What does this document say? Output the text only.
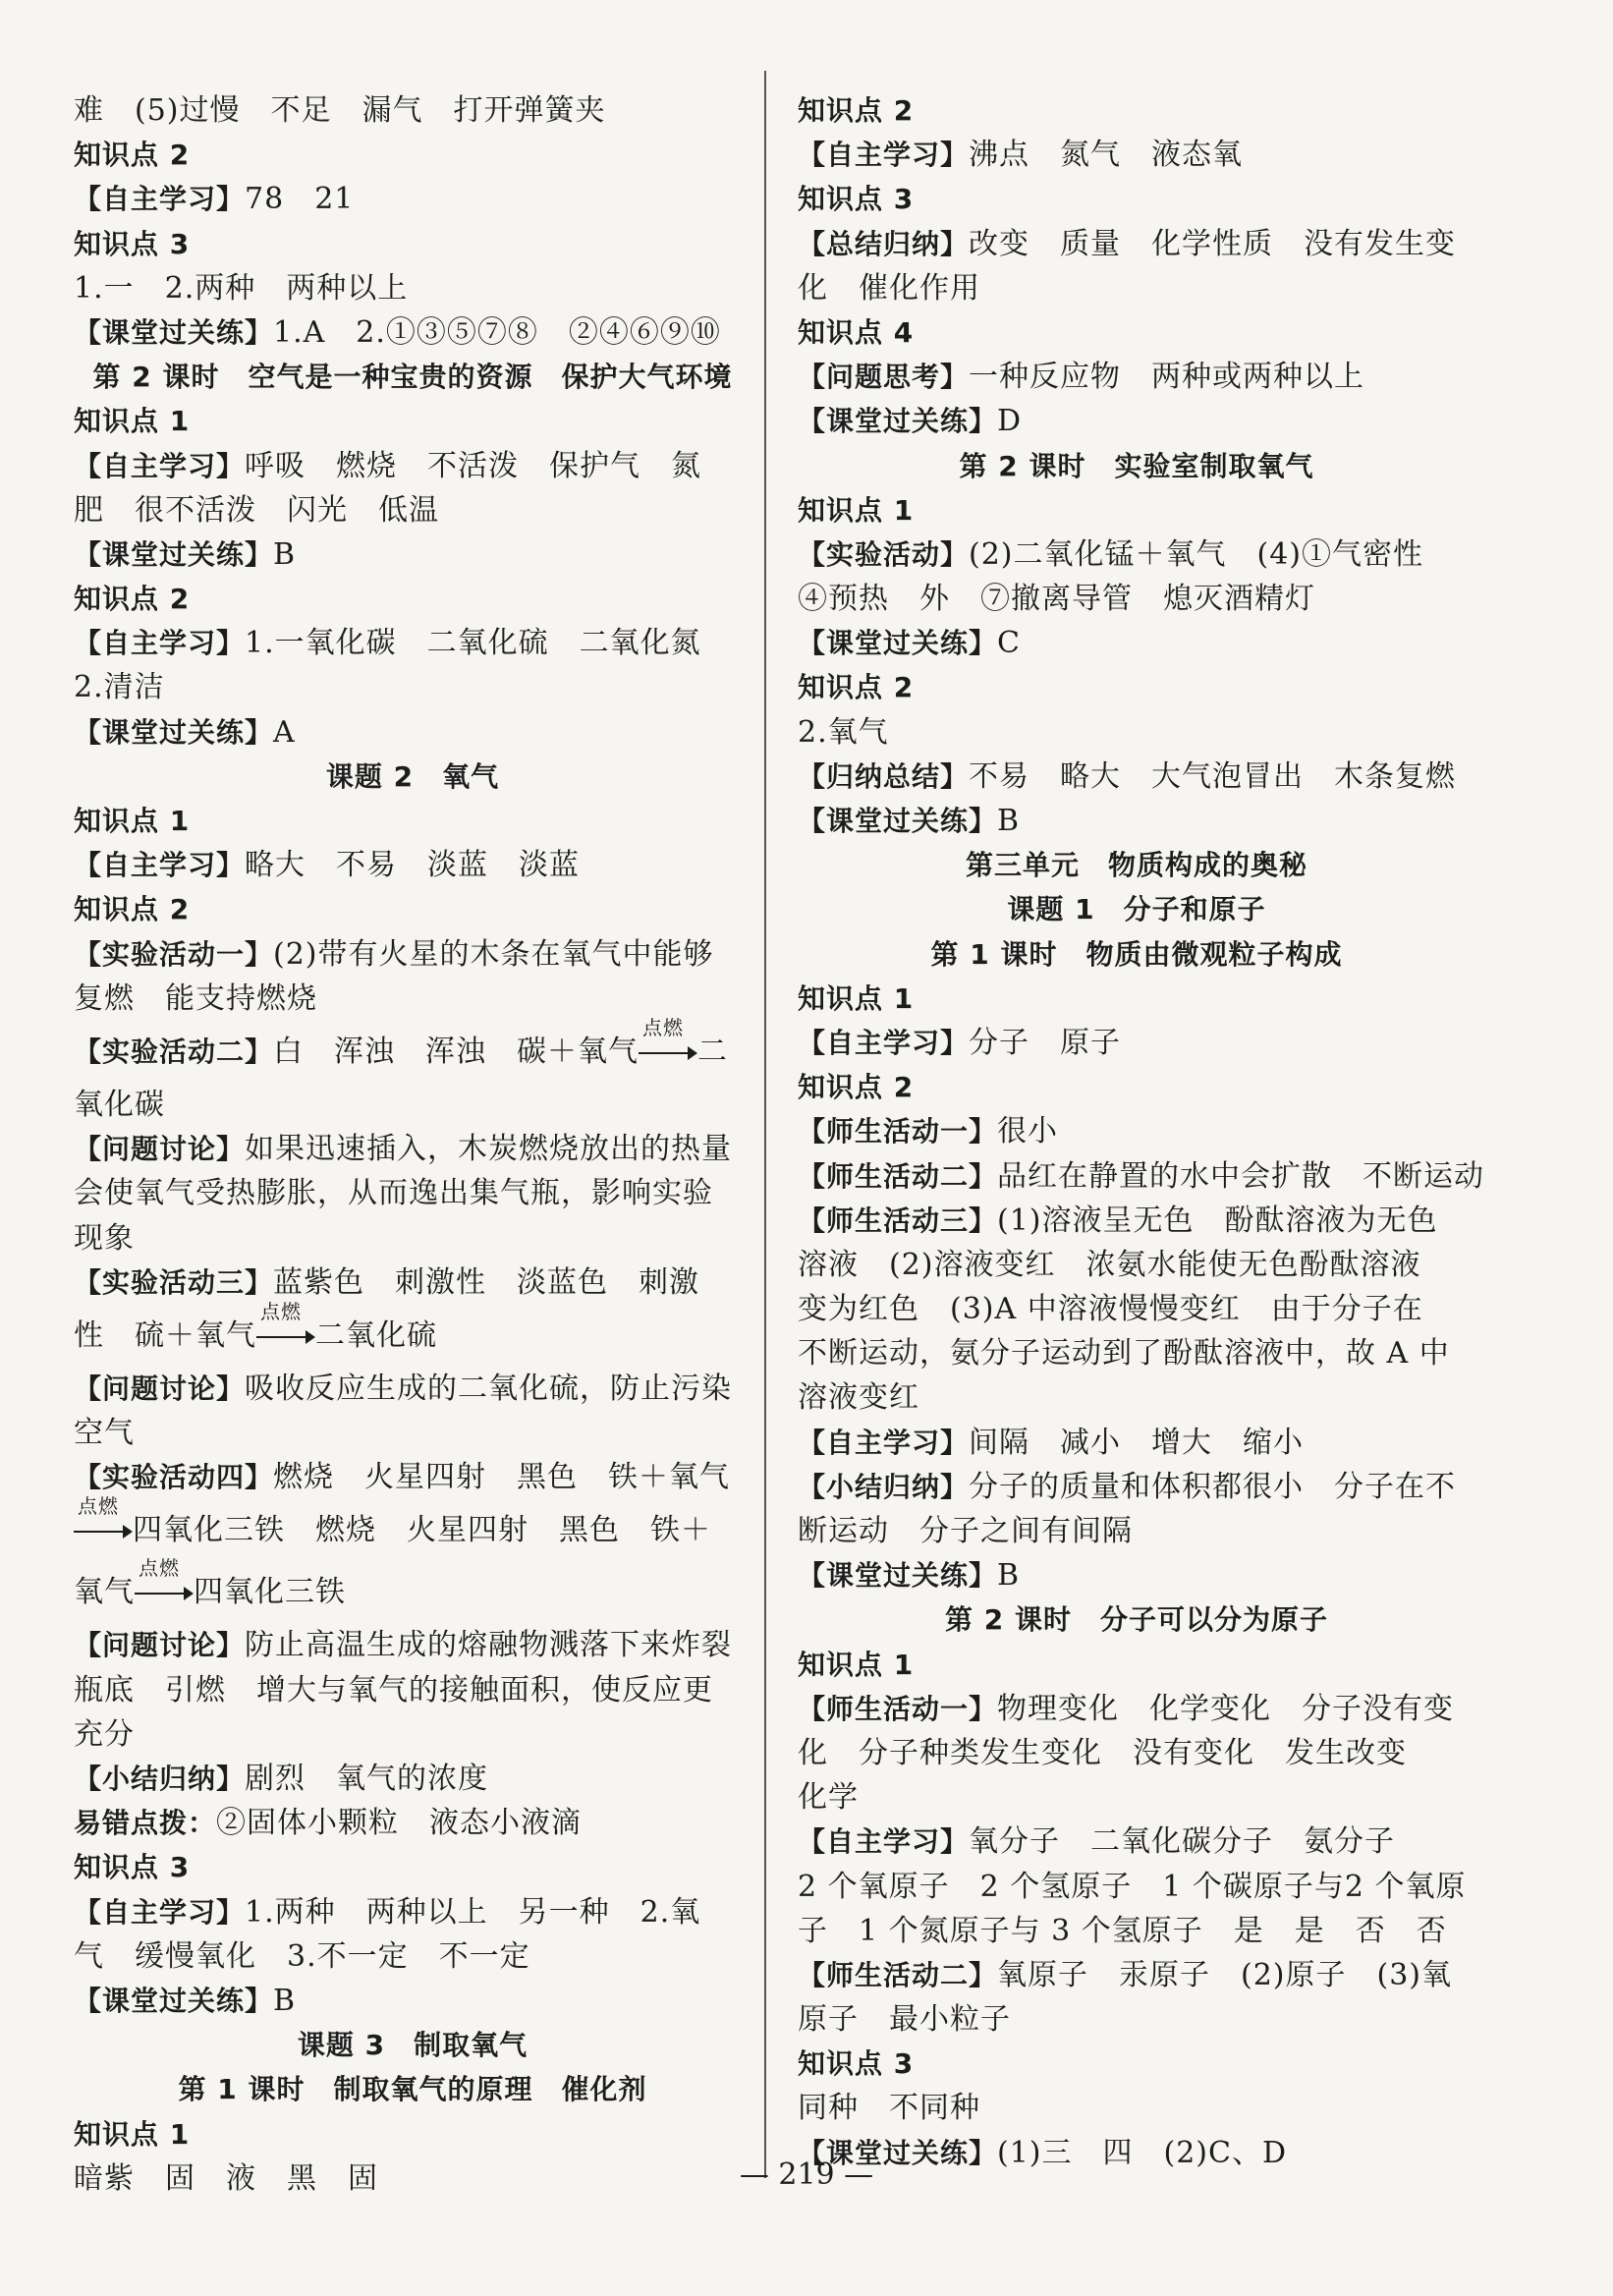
难　(5)过慢　不足　漏气　打开弹簧夹
知识点 2
【自主学习】78　21
知识点 3
1.一　2.两种　两种以上
【课堂过关练】1.A　2.①③⑤⑦⑧　②④⑥⑨⑩
第 2 课时　空气是一种宝贵的资源　保护大气环境
知识点 1
【自主学习】呼吸　燃烧　不活泼　保护气　氮
肥　很不活泼　闪光　低温
【课堂过关练】B
知识点 2
【自主学习】1.一氧化碳　二氧化硫　二氧化氮
2.清洁
【课堂过关练】A
课题 2　氧气
知识点 1
【自主学习】略大　不易　淡蓝　淡蓝
知识点 2
【实验活动一】(2)带有火星的木条在氧气中能够
复燃　能支持燃烧
【实验活动二】白　浑浊　浑浊　碳＋氧气
点燃
二
氧化碳
【问题讨论】如果迅速插入，木炭燃烧放出的热量
会使氧气受热膨胀，从而逸出集气瓶，影响实验
现象
【实验活动三】蓝紫色　刺激性　淡蓝色　刺激
性　硫＋氧气
点燃
二氧化硫
【问题讨论】吸收反应生成的二氧化硫，防止污染
空气
【实验活动四】燃烧　火星四射　黑色　铁＋氧气
点燃
四氧化三铁　燃烧　火星四射　黑色　铁＋
氧气
点燃
四氧化三铁
【问题讨论】防止高温生成的熔融物溅落下来炸裂
瓶底　引燃　增大与氧气的接触面积，使反应更
充分
【小结归纳】剧烈　氧气的浓度
易错点拨：②固体小颗粒　液态小液滴
知识点 3
【自主学习】1.两种　两种以上　另一种　2.氧
气　缓慢氧化　3.不一定　不一定
【课堂过关练】B
课题 3　制取氧气
第 1 课时　制取氧气的原理　催化剂
知识点 1
暗紫　固　液　黑　固
知识点 2
【自主学习】沸点　氮气　液态氧
知识点 3
【总结归纳】改变　质量　化学性质　没有发生变
化　催化作用
知识点 4
【问题思考】一种反应物　两种或两种以上
【课堂过关练】D
第 2 课时　实验室制取氧气
知识点 1
【实验活动】(2)二氧化锰＋氧气　(4)①气密性
④预热　外　⑦撤离导管　熄灭酒精灯
【课堂过关练】C
知识点 2
2.氧气
【归纳总结】不易　略大　大气泡冒出　木条复燃
【课堂过关练】B
第三单元　物质构成的奥秘
课题 1　分子和原子
第 1 课时　物质由微观粒子构成
知识点 1
【自主学习】分子　原子
知识点 2
【师生活动一】很小
【师生活动二】品红在静置的水中会扩散　不断运动
【师生活动三】(1)溶液呈无色　酚酞溶液为无色
溶液　(2)溶液变红　浓氨水能使无色酚酞溶液
变为红色　(3)A 中溶液慢慢变红　由于分子在
不断运动，氨分子运动到了酚酞溶液中，故 A 中
溶液变红
【自主学习】间隔　减小　增大　缩小
【小结归纳】分子的质量和体积都很小　分子在不
断运动　分子之间有间隔
【课堂过关练】B
第 2 课时　分子可以分为原子
知识点 1
【师生活动一】物理变化　化学变化　分子没有变
化　分子种类发生变化　没有变化　发生改变
化学
【自主学习】氧分子　二氧化碳分子　氨分子
2 个氧原子　2 个氢原子　1 个碳原子与2 个氧原
子　1 个氮原子与 3 个氢原子　是　是　否　否
【师生活动二】氧原子　汞原子　(2)原子　(3)氧
原子　最小粒子
知识点 3
同种　不同种
【课堂过关练】(1)三　四　(2)C、D
— 219 —
